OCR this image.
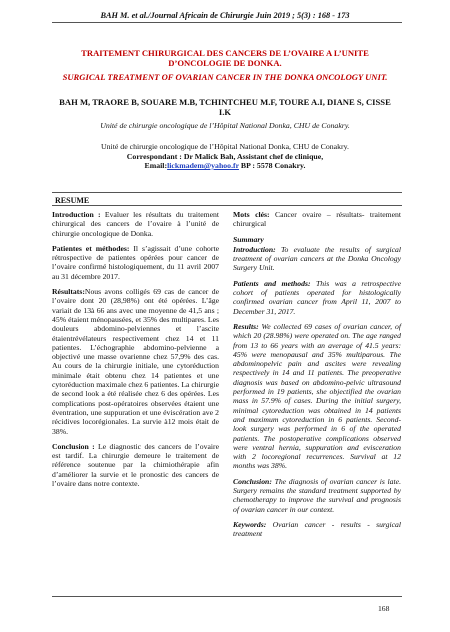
BAH M. et al./Journal Africain de Chirurgie Juin 2019 ; 5(3) : 168 - 173
TRAITEMENT CHIRURGICAL DES CANCERS DE L’OVAIRE A L’UNITE D’ONCOLOGIE DE DONKA.
SURGICAL TREATMENT OF OVARIAN CANCER IN THE DONKA ONCOLOGY UNIT.
BAH M, TRAORE B, SOUARE M.B, TCHINTCHEU M.F, TOURE A.I, DIANE S, CISSE I.K
Unité de chirurgie oncologique de l’Hôpital National Donka, CHU de Conakry.
Unité de chirurgie oncologique de l’Hôpital National Donka, CHU de Conakry.
Correspondant : Dr Malick Bah, Assistant chef de clinique,
Email:lickmadem@yahoo.fr BP : 5578 Conakry.
RESUME

Introduction : Evaluer les résultats du traitement chirurgical des cancers de l’ovaire à l’unité de chirurgie oncologique de Donka.

Patientes et méthodes: Il s’agissait d’une cohorte rétrospective de patientes opérées pour cancer de l’ovaire confirmé histologiquement, du 11 avril 2007 au 31 décembre 2017.

Résultats:Nous avons colligés 69 cas de cancer de l’ovaire dont 20 (28,98%) ont été opérées. L’âge variait de 13à 66 ans avec une moyenne de 41,5 ans ; 45% étaient ménopausées, et 35% des multipares. Les douleurs abdomino-pelviennes et l’ascite étaientrévélateurs respectivement chez 14 et 11 patientes. L’échographie abdomino-pelvienne a objectivé une masse ovarienne chez 57,9% des cas. Au cours de la chirurgie initiale, une cytoréduction minimale était obtenu chez 14 patientes et une cytoréduction maximale chez 6 patientes. La chirurgie de second look a été réalisée chez 6 des opérées. Les complications post-opératoires observées étaient une éventration, une suppuration et une éviscération ave 2 récidives locorégionales. La survie à12 mois était de 38%.

Conclusion : Le diagnostic des cancers de l’ovaire est tardif. La chirurgie demeure le traitement de référence soutenue par la chimiothérapie afin d’améliorer la survie et le pronostic des cancers de l’ovaire dans notre contexte.

Mots clés: Cancer ovaire – résultats- traitement chirurgical

Summary

Introduction: To evaluate the results of surgical treatment of ovarian cancers at the Donka Oncology Surgery Unit.

Patients and methods: This was a retrospective cohort of patients operated for histologically confirmed ovarian cancer from April 11, 2007 to December 31, 2017.

Results: We collected 69 cases of ovarian cancer, of which 20 (28.98%) were operated on. The age ranged from 13 to 66 years with an average of 41.5 years: 45% were menopausal and 35% multiparous. The abdominopelvic pain and ascites were revealing respectively in 14 and 11 patients. The preoperative diagnosis was based on abdomino-pelvic ultrasound performed in 19 patients, she objectified the ovarian mass in 57.9% of cases. During the initial surgery, minimal cytoreduction was obtained in 14 patients and maximum cytoreduction in 6 patients. Second-look surgery was performed in 6 of the operated patients. The postoperative complications observed were ventral hernia, suppuration and evisceration with 2 locoregional recurrences. Survival at 12 months was 38%.

Conclusion: The diagnosis of ovarian cancer is late. Surgery remains the standard treatment supported by chemotherapy to improve the survival and prognosis of ovarian cancer in our context.

Keywords: Ovarian cancer - results - surgical treatment

168
